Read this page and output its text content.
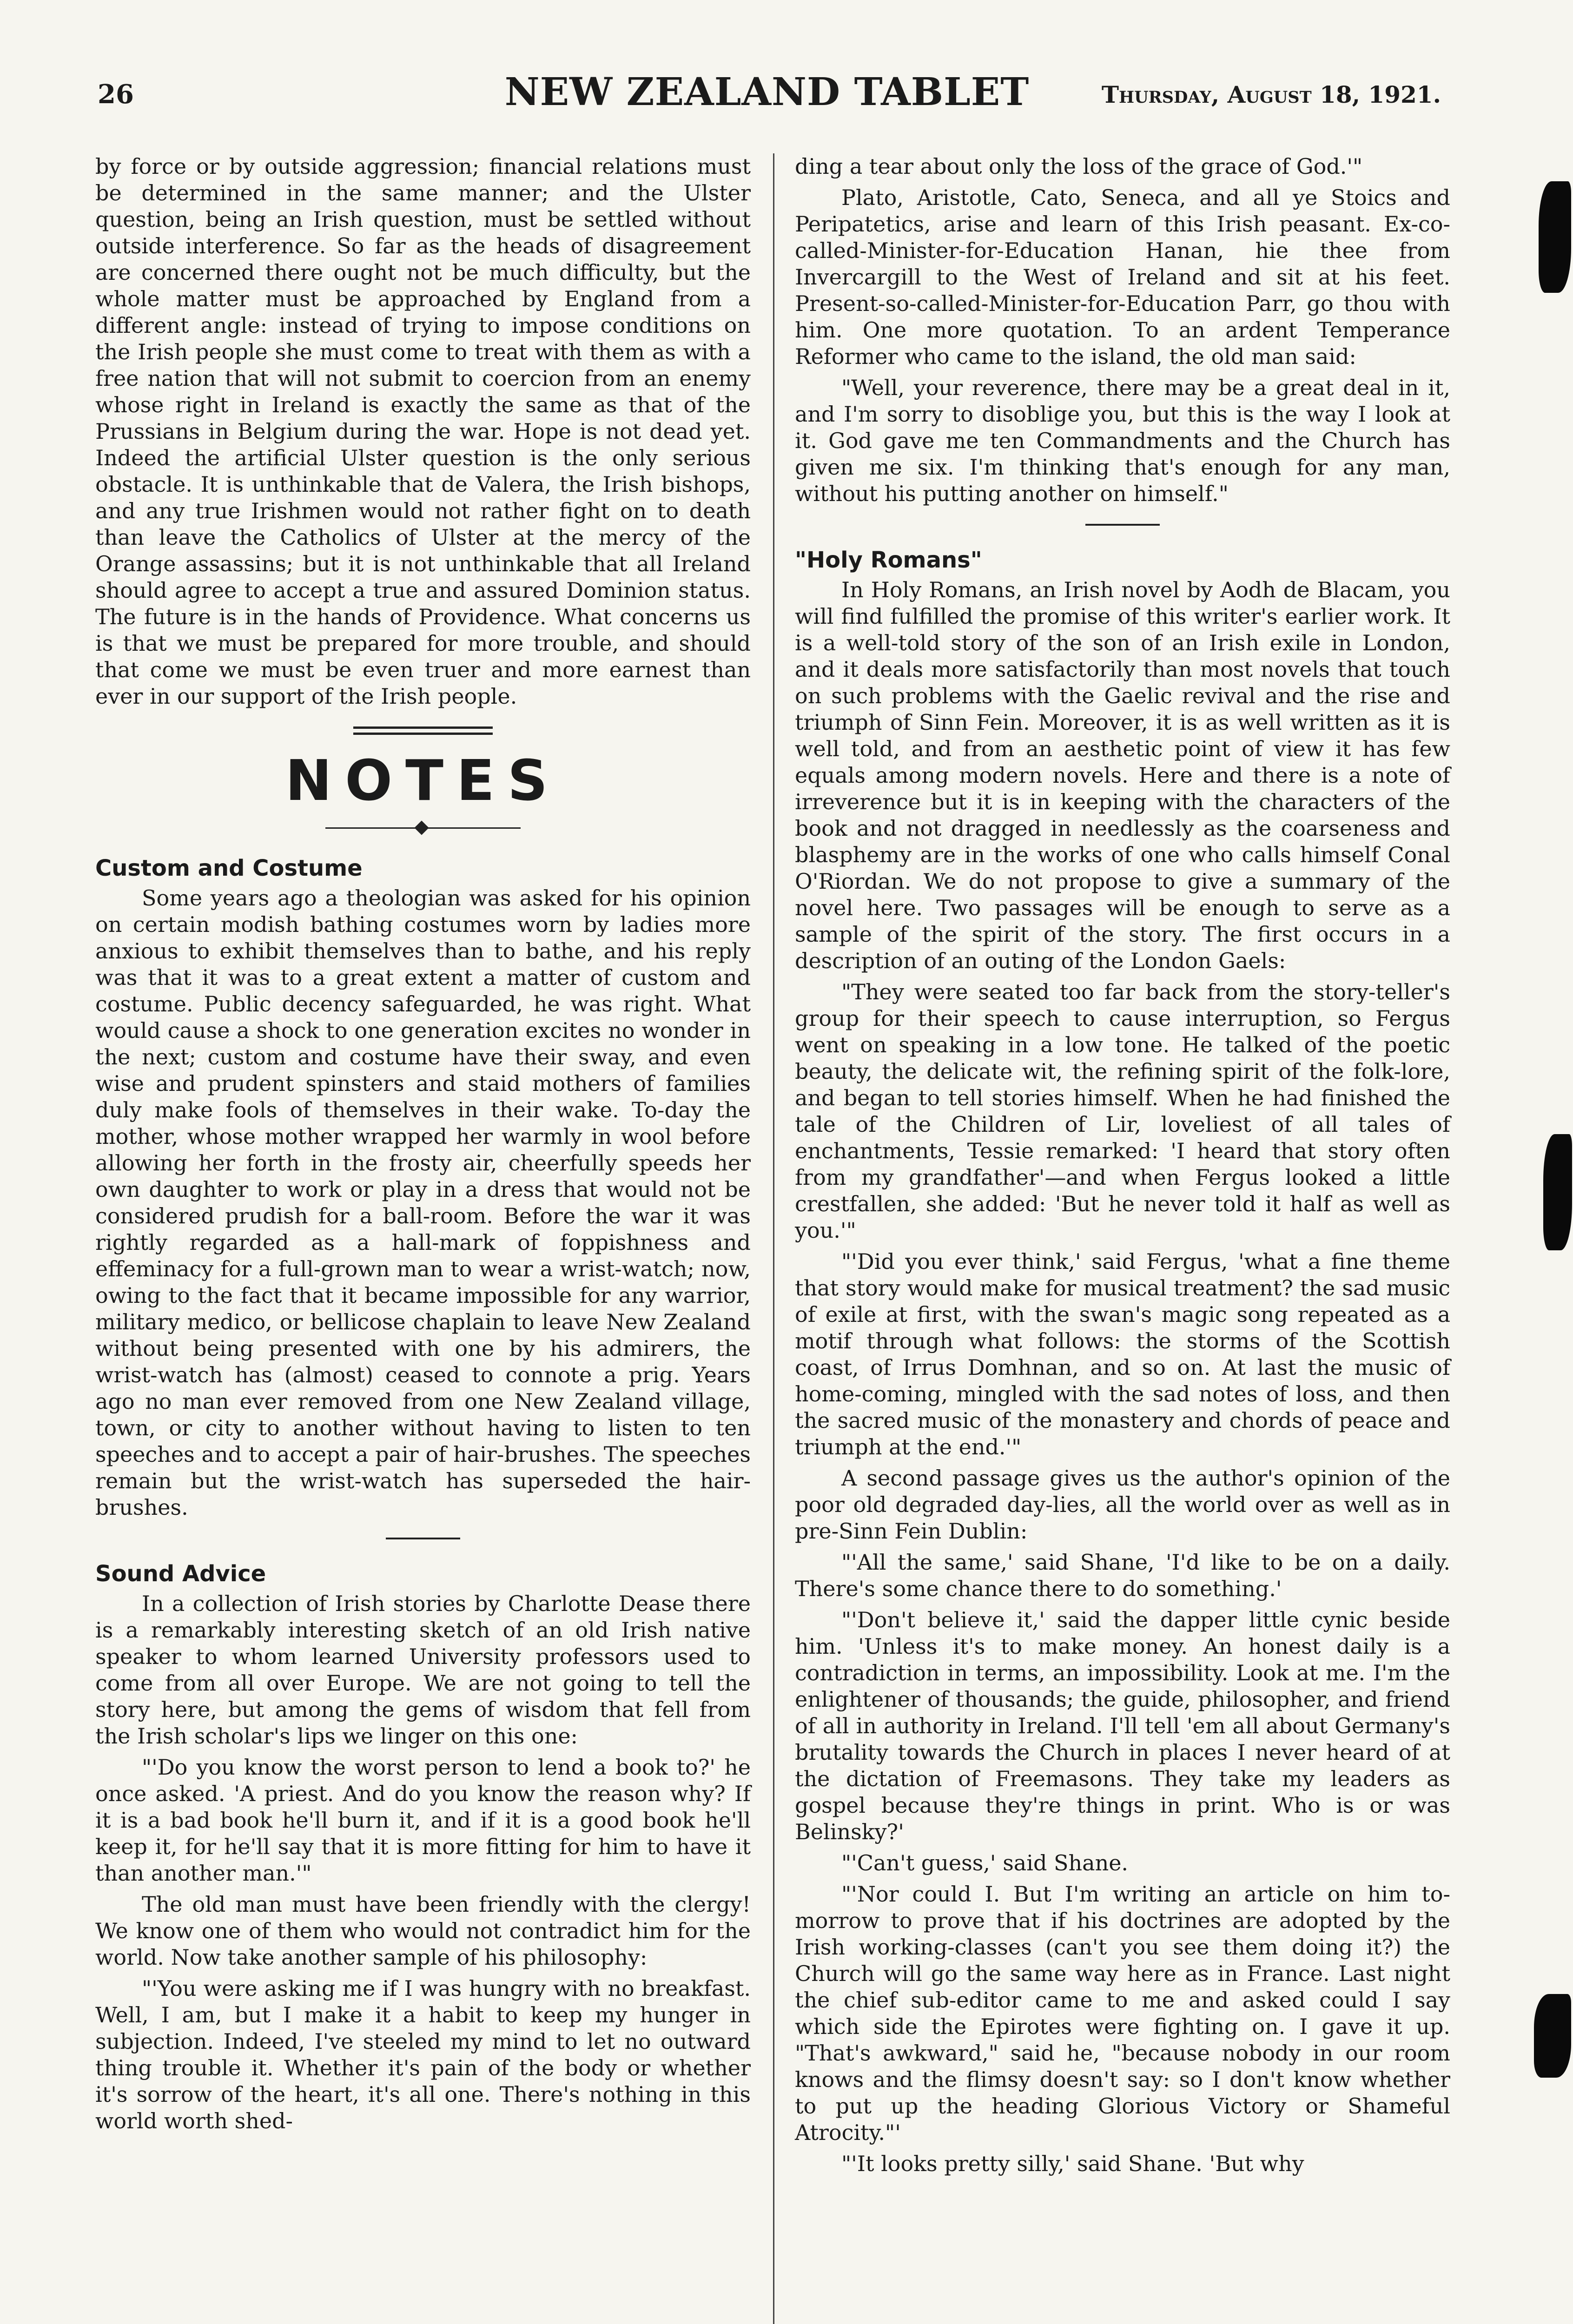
26	NEW ZEALAND TABLET	Thursday, August 18, 1921.

by force or by outside aggression; financial relations must be determined in the same manner; and the Ulster question, being an Irish question, must be settled without outside interference. So far as the heads of disagreement are concerned there ought not be much difficulty, but the whole matter must be approached by England from a different angle: instead of trying to impose conditions on the Irish people she must come to treat with them as with a free nation that will not submit to coercion from an enemy whose right in Ireland is exactly the same as that of the Prussians in Belgium during the war. Hope is not dead yet. Indeed the artificial Ulster question is the only serious obstacle. It is unthinkable that de Valera, the Irish bishops, and any true Irishmen would not rather fight on to death than leave the Catholics of Ulster at the mercy of the Orange assassins; but it is not unthinkable that all Ireland should agree to accept a true and assured Dominion status. The future is in the hands of Providence. What concerns us is that we must be prepared for more trouble, and should that come we must be even truer and more earnest than ever in our support of the Irish people.

NOTES
Custom and Costume

Some years ago a theologian was asked for his opinion on certain modish bathing costumes worn by ladies more anxious to exhibit themselves than to bathe, and his reply was that it was to a great extent a matter of custom and costume. Public decency safeguarded, he was right. What would cause a shock to one generation excites no wonder in the next; custom and costume have their sway, and even wise and prudent spinsters and staid mothers of families duly make fools of themselves in their wake. To-day the mother, whose mother wrapped her warmly in wool before allowing her forth in the frosty air, cheerfully speeds her own daughter to work or play in a dress that would not be considered prudish for a ball-room. Before the war it was rightly regarded as a hall-mark of foppishness and effeminacy for a full-grown man to wear a wrist-watch; now, owing to the fact that it became impossible for any warrior, military medico, or bellicose chaplain to leave New Zealand without being presented with one by his admirers, the wrist-watch has (almost) ceased to connote a prig. Years ago no man ever removed from one New Zealand village, town, or city to another without having to listen to ten speeches and to accept a pair of hair-brushes. The speeches remain but the wrist-watch has superseded the hair-brushes.

Sound Advice

In a collection of Irish stories by Charlotte Dease there is a remarkably interesting sketch of an old Irish native speaker to whom learned University professors used to come from all over Europe. We are not going to tell the story here, but among the gems of wisdom that fell from the Irish scholar's lips we linger on this one:

"'Do you know the worst person to lend a book to?' he once asked. 'A priest. And do you know the reason why? If it is a bad book he'll burn it, and if it is a good book he'll keep it, for he'll say that it is more fitting for him to have it than another man.'"

The old man must have been friendly with the clergy! We know one of them who would not contradict him for the world. Now take another sample of his philosophy:

"'You were asking me if I was hungry with no breakfast. Well, I am, but I make it a habit to keep my hunger in subjection. Indeed, I've steeled my mind to let no outward thing trouble it. Whether it's pain of the body or whether it's sorrow of the heart, it's all one. There's nothing in this world worth shed-

ding a tear about only the loss of the grace of God.'"

Plato, Aristotle, Cato, Seneca, and all ye Stoics and Peripatetics, arise and learn of this Irish peasant. Ex-co-called-Minister-for-Education Hanan, hie thee from Invercargill to the West of Ireland and sit at his feet. Present-so-called-Minister-for-Education Parr, go thou with him. One more quotation. To an ardent Temperance Reformer who came to the island, the old man said:

"Well, your reverence, there may be a great deal in it, and I'm sorry to disoblige you, but this is the way I look at it. God gave me ten Commandments and the Church has given me six. I'm thinking that's enough for any man, without his putting another on himself."

"Holy Romans"

In Holy Romans, an Irish novel by Aodh de Blacam, you will find fulfilled the promise of this writer's earlier work. It is a well-told story of the son of an Irish exile in London, and it deals more satisfactorily than most novels that touch on such problems with the Gaelic revival and the rise and triumph of Sinn Fein. Moreover, it is as well written as it is well told, and from an aesthetic point of view it has few equals among modern novels. Here and there is a note of irreverence but it is in keeping with the characters of the book and not dragged in needlessly as the coarseness and blasphemy are in the works of one who calls himself Conal O'Riordan. We do not propose to give a summary of the novel here. Two passages will be enough to serve as a sample of the spirit of the story. The first occurs in a description of an outing of the London Gaels:

"They were seated too far back from the story-teller's group for their speech to cause interruption, so Fergus went on speaking in a low tone. He talked of the poetic beauty, the delicate wit, the refining spirit of the folk-lore, and began to tell stories himself. When he had finished the tale of the Children of Lir, loveliest of all tales of enchantments, Tessie remarked: 'I heard that story often from my grandfather'—and when Fergus looked a little crestfallen, she added: 'But he never told it half as well as you.'"

"'Did you ever think,' said Fergus, 'what a fine theme that story would make for musical treatment? the sad music of exile at first, with the swan's magic song repeated as a motif through what follows: the storms of the Scottish coast, of Irrus Domhnan, and so on. At last the music of home-coming, mingled with the sad notes of loss, and then the sacred music of the monastery and chords of peace and triumph at the end.'"

A second passage gives us the author's opinion of the poor old degraded day-lies, all the world over as well as in pre-Sinn Fein Dublin:

"'All the same,' said Shane, 'I'd like to be on a daily. There's some chance there to do something.'

"'Don't believe it,' said the dapper little cynic beside him. 'Unless it's to make money. An honest daily is a contradiction in terms, an impossibility. Look at me. I'm the enlightener of thousands; the guide, philosopher, and friend of all in authority in Ireland. I'll tell 'em all about Germany's brutality towards the Church in places I never heard of at the dictation of Freemasons. They take my leaders as gospel because they're things in print. Who is or was Belinsky?'

"'Can't guess,' said Shane.

"'Nor could I. But I'm writing an article on him to-morrow to prove that if his doctrines are adopted by the Irish working-classes (can't you see them doing it?) the Church will go the same way here as in France. Last night the chief sub-editor came to me and asked could I say which side the Epirotes were fighting on. I gave it up. "That's awkward," said he, "because nobody in our room knows and the flimsy doesn't say: so I don't know whether to put up the heading Glorious Victory or Shameful Atrocity."'

"'It looks pretty silly,' said Shane. 'But why
